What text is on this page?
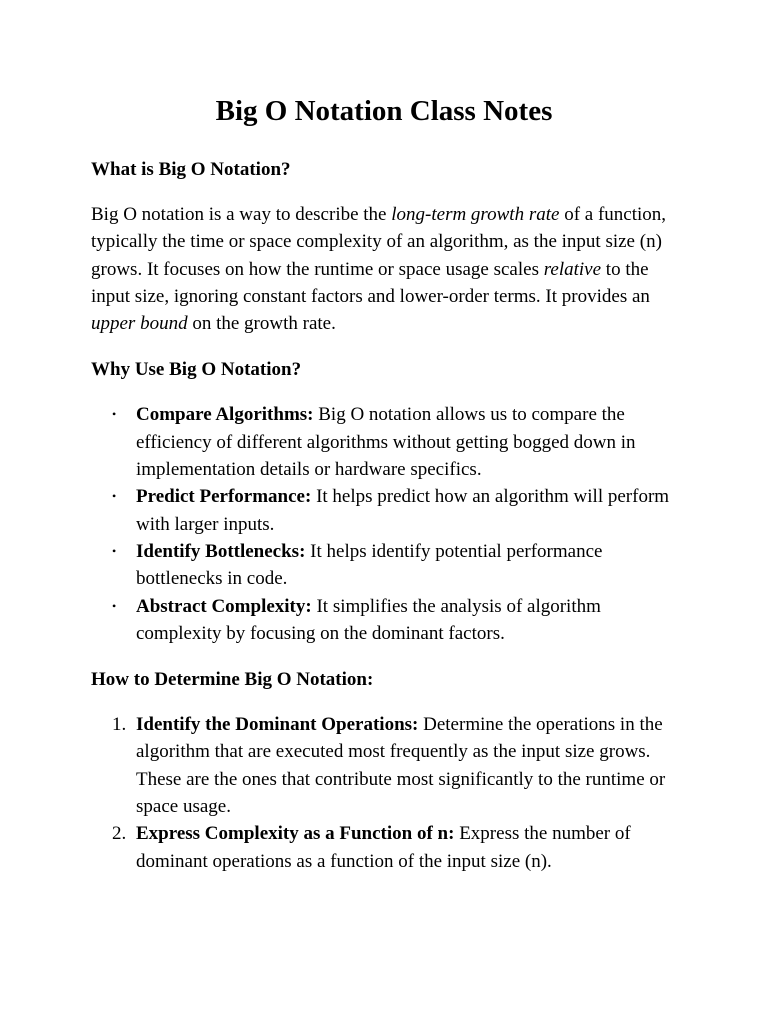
Big O Notation Class Notes
What is Big O Notation?

Big O notation is a way to describe the long-term growth rate of a function, typically the time or space complexity of an algorithm, as the input size (n) grows. It focuses on how the runtime or space usage scales relative to the input size, ignoring constant factors and lower-order terms. It provides an upper bound on the growth rate.

Why Use Big O Notation?
• Compare Algorithms: Big O notation allows us to compare the efficiency of different algorithms without getting bogged down in implementation details or hardware specifics.
• Predict Performance: It helps predict how an algorithm will perform with larger inputs.
• Identify Bottlenecks: It helps identify potential performance bottlenecks in code.
• Abstract Complexity: It simplifies the analysis of algorithm complexity by focusing on the dominant factors.
How to Determine Big O Notation:
1. Identify the Dominant Operations: Determine the operations in the algorithm that are executed most frequently as the input size grows. These are the ones that contribute most significantly to the runtime or space usage.
2. Express Complexity as a Function of n: Express the number of dominant operations as a function of the input size (n).
